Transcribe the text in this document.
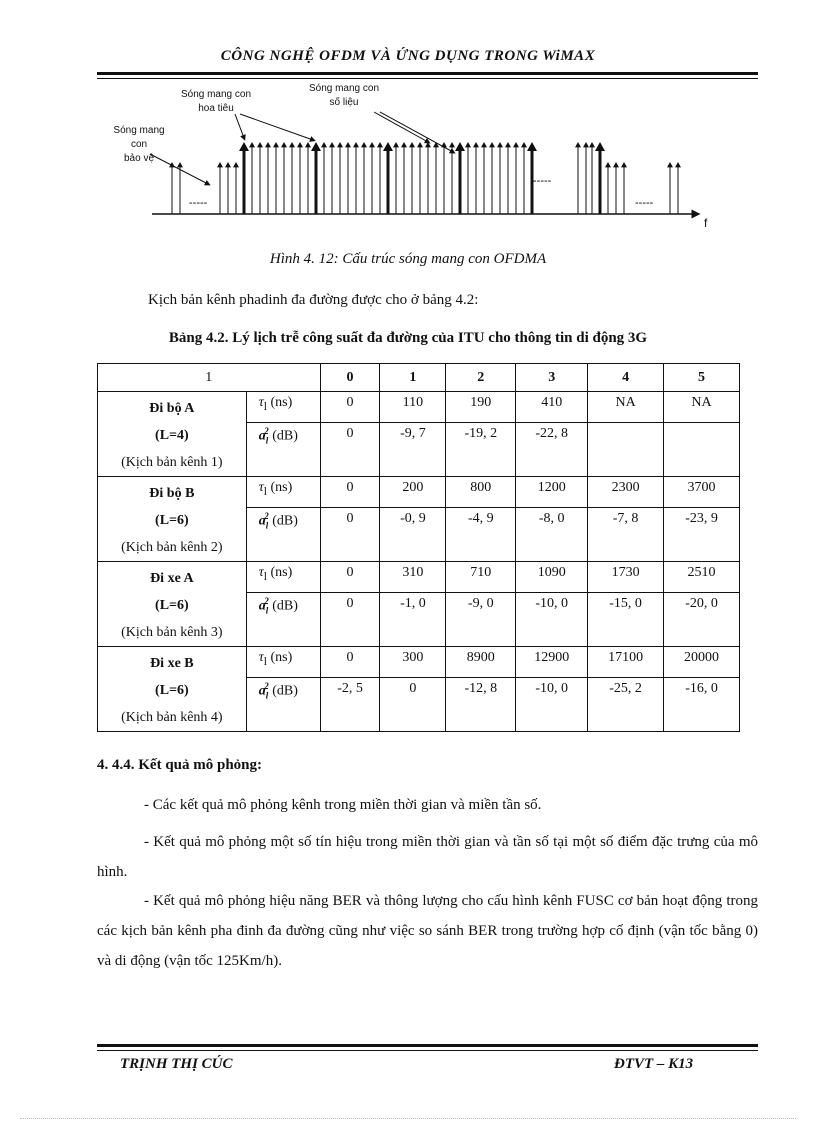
CÔNG NGHỆ OFDM VÀ ỨNG DỤNG TRONG WiMAX
-----
-----
-----
Sóng mang con
bảo vệ
Sóng mang con
hoa tiêu
Sóng mang con
số liệu
f
Hình 4. 12: Cấu trúc sóng mang con OFDMA
Kịch bản kênh phadinh đa đường được cho ở bảng 4.2:
Bảng 4.2. Lý lịch trễ công suất đa đường của ITU cho thông tin di động 3G
1		0	1	2	3	4	5

Đi bộ A
(L=4)
(Kịch bản kênh 1)	$\tau_l$ (ns)	0	110	190	410	NA	NA
	$a_l^2$ (dB)	0	-9, 7	-19, 2	-22, 8		

Đi bộ B
(L=6)
(Kịch bản kênh 2)	$\tau_l$ (ns)	0	200	800	1200	2300	3700
	$a_l^2$ (dB)	0	-0, 9	-4, 9	-8, 0	-7, 8	-23, 9

Đi xe A
(L=6)
(Kịch bản kênh 3)	$\tau_l$ (ns)	0	310	710	1090	1730	2510
	$a_l^2$ (dB)	0	-1, 0	-9, 0	-10, 0	-15, 0	-20, 0

Đi xe B
(L=6)
(Kịch bản kênh 4)	$\tau_l$ (ns)	0	300	8900	12900	17100	20000
	$a_l^2$ (dB)	-2, 5	0	-12, 8	-10, 0	-25, 2	-16, 0
4. 4.4. Kết quả mô phỏng:
- Các kết quả mô phỏng kênh trong miền thời gian và miền tần số.
- Kết quả mô phỏng một số tín hiệu trong miền thời gian và tần số tại một số điểm đặc trưng của mô hình.
- Kết quả mô phỏng hiệu năng BER và thông lượng cho cấu hình kênh FUSC cơ bản hoạt động trong các kịch bản kênh pha đinh đa đường cũng như việc so sánh BER trong trường hợp cố định (vận tốc bằng 0) và di động (vận tốc 125Km/h).
TRỊNH THỊ CÚC	ĐTVT – K13
